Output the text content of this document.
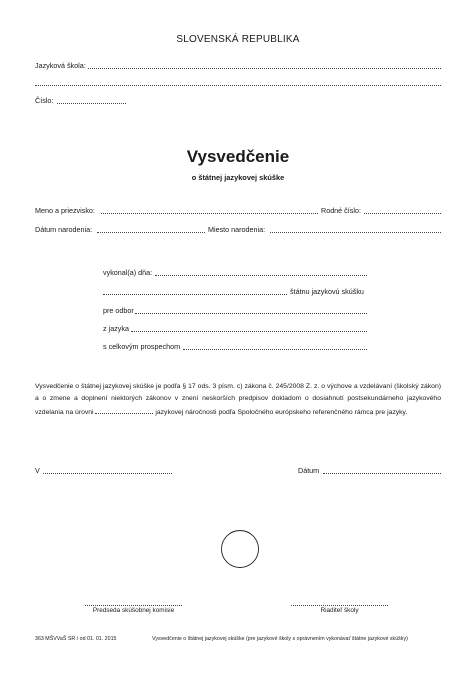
SLOVENSKÁ REPUBLIKA
Jazyková škola:
Číslo:
Vysvedčenie
o štátnej jazykovej skúške
Meno a priezvisko:	Rodné číslo:
Dátum narodenia:	Miesto narodenia:
vykonal(a) dňa:
štátnu jazykovú skúšku
pre odbor
z jazyka
s celkovým prospechom
Vysvedčenie o štátnej jazykovej skúške je podľa § 17 ods. 3 písm. c) zákona č. 245/2008 Z. z. o výchove a vzdelávaní (školský zákon) a o zmene a doplnení niektorých zákonov v znení neskorších predpisov dokladom o dosiahnutí postsekundárneho jazykového vzdelania na úrovni	jazykovej náročnosti podľa Spoločného európskeho referenčného rámca pre jazyky.
V	Dátum
Predseda skúšobnej komisie	Riaditeľ školy
363 MŠVVaŠ SR / od 01. 01. 2015	Vysvedčenie o štátnej jazykovej skúške (pre jazykové školy s oprávnením vykonávať štátne jazykové skúšky)
